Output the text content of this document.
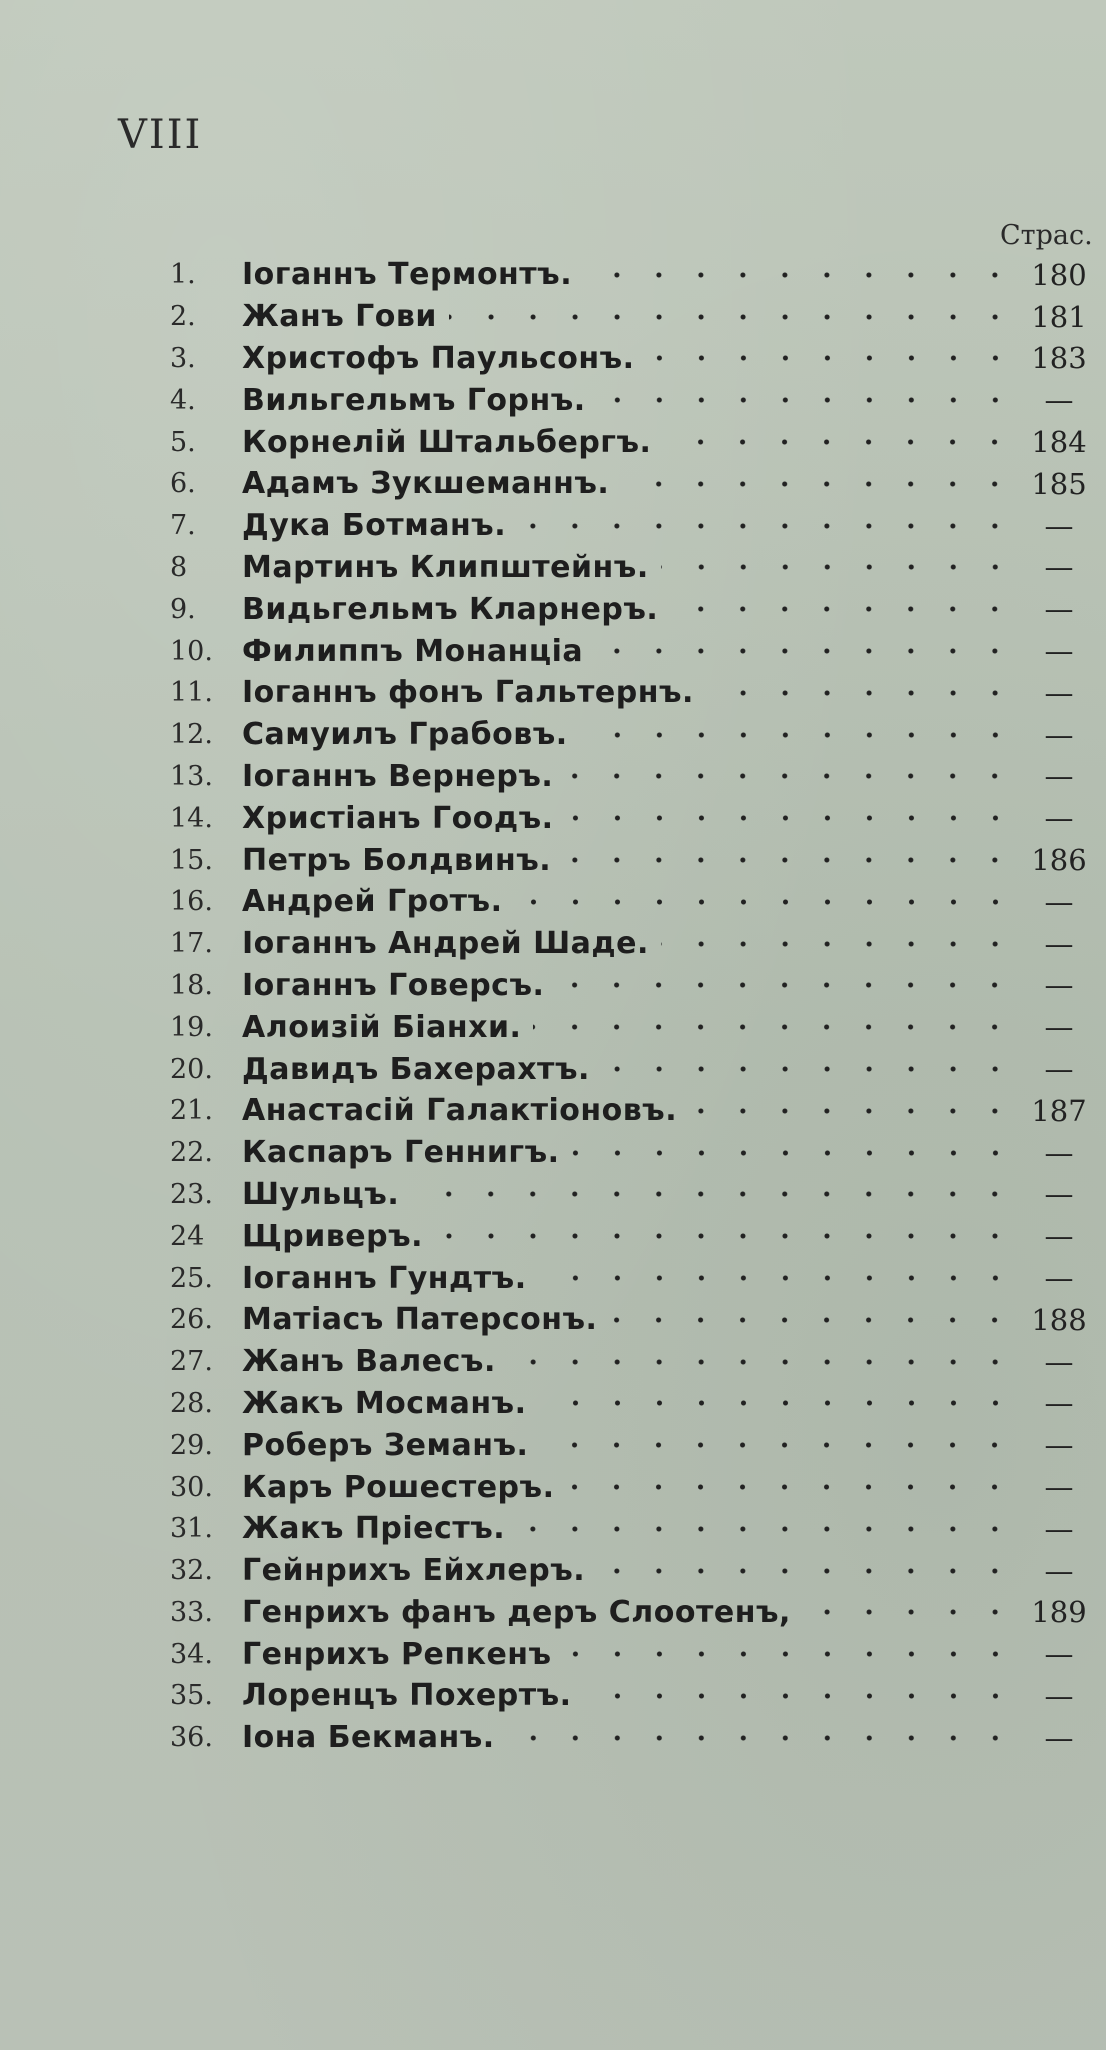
VIII
Страс.
1.	Іоганнъ Термонтъ.	180
2.	Жанъ Гови	181
3.	Христофъ Паульсонъ.	183
4.	Вильгельмъ Горнъ.	—
5.	Корнелій Штальбергъ.	184
6.	Адамъ Зукшеманнъ.	185
7.	Дука Ботманъ.	—
8	Мартинъ Клипштейнъ.	—
9.	Видьгельмъ Кларнеръ.	—
10. Филиппъ Монанціа	—
11. Іоганнъ фонъ Гальтернъ.	—
12. Самуилъ Грабовъ.	—
13. Іоганнъ Вернеръ.	—
14. Христіанъ Гоодъ.	—
15. Петръ Болдвинъ.	186
16. Андрей Гротъ.	—
17. Іоганнъ Андрей Шаде.	—
18. Іоганнъ Говерсъ.	—
19. Алоизій Біанхи.	—
20. Давидъ Бахерахтъ.	—
21. Анастасій Галактіоновъ.	187
22. Каспаръ Геннигъ.	—
23. Шульцъ.	—
24	Щриверъ.	—
25. Іоганнъ Гундтъ.	—
26. Матіасъ Патерсонъ.	188
27. Жанъ Валесъ.	—
28. Жакъ Мосманъ.	—
29. Роберъ Земанъ.	—
30. Каръ Рошестеръ.	—
31. Жакъ Пріестъ.	—
32. Гейнрихъ Ейхлеръ.	—
33. Генрихъ фанъ деръ Слоотенъ,	189
34. Генрихъ Репкенъ	—
35. Лоренцъ Похертъ.	—
36. Іона Бекманъ.	—
